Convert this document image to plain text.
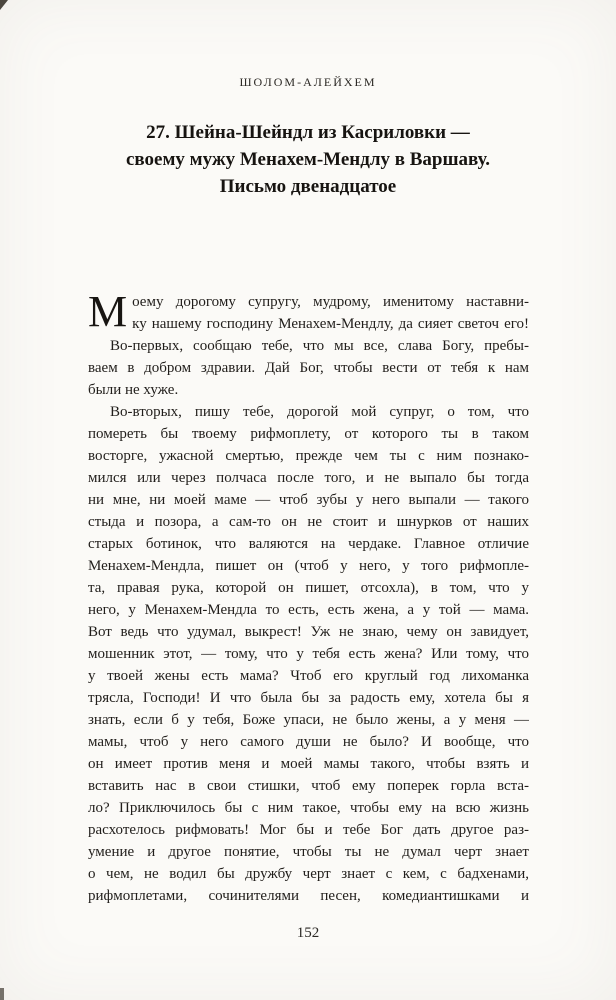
ШОЛОМ-АЛЕЙХЕМ
27. Шейна-Шейндл из Касриловки —
своему мужу Менахем-Мендлу в Варшаву.
Письмо двенадцатое
М оему дорогому супругу, мудрому, именитому наставни-
ку нашему господину Менахем-Мендлу, да сияет светоч его!
Во-первых, сообщаю тебе, что мы все, слава Богу, пребы-
ваем в добром здравии. Дай Бог, чтобы вести от тебя к нам
были не хуже.
Во-вторых, пишу тебе, дорогой мой супруг, о том, что
помереть бы твоему рифмоплету, от которого ты в таком
восторге, ужасной смертью, прежде чем ты с ним познако-
мился или через полчаса после того, и не выпало бы тогда
ни мне, ни моей маме — чтоб зубы у него выпали — такого
стыда и позора, а сам-то он не стоит и шнурков от наших
старых ботинок, что валяются на чердаке. Главное отличие
Менахем-Мендла, пишет он (чтоб у него, у того рифмопле-
та, правая рука, которой он пишет, отсохла), в том, что у
него, у Менахем-Мендла то есть, есть жена, а у той — мама.
Вот ведь что удумал, выкрест! Уж не знаю, чему он завидует,
мошенник этот, — тому, что у тебя есть жена? Или тому, что
у твоей жены есть мама? Чтоб его круглый год лихоманка
трясла, Господи! И что была бы за радость ему, хотела бы я
знать, если б у тебя, Боже упаси, не было жены, а у меня —
мамы, чтоб у него самого души не было? И вообще, что
он имеет против меня и моей мамы такого, чтобы взять и
вставить нас в свои стишки, чтоб ему поперек горла вста-
ло? Приключилось бы с ним такое, чтобы ему на всю жизнь
расхотелось рифмовать! Мог бы и тебе Бог дать другое раз-
умение и другое понятие, чтобы ты не думал черт знает
о чем, не водил бы дружбу черт знает с кем, с бадхенами,
рифмоплетами, сочинителями песен, комедиантишками и
152
